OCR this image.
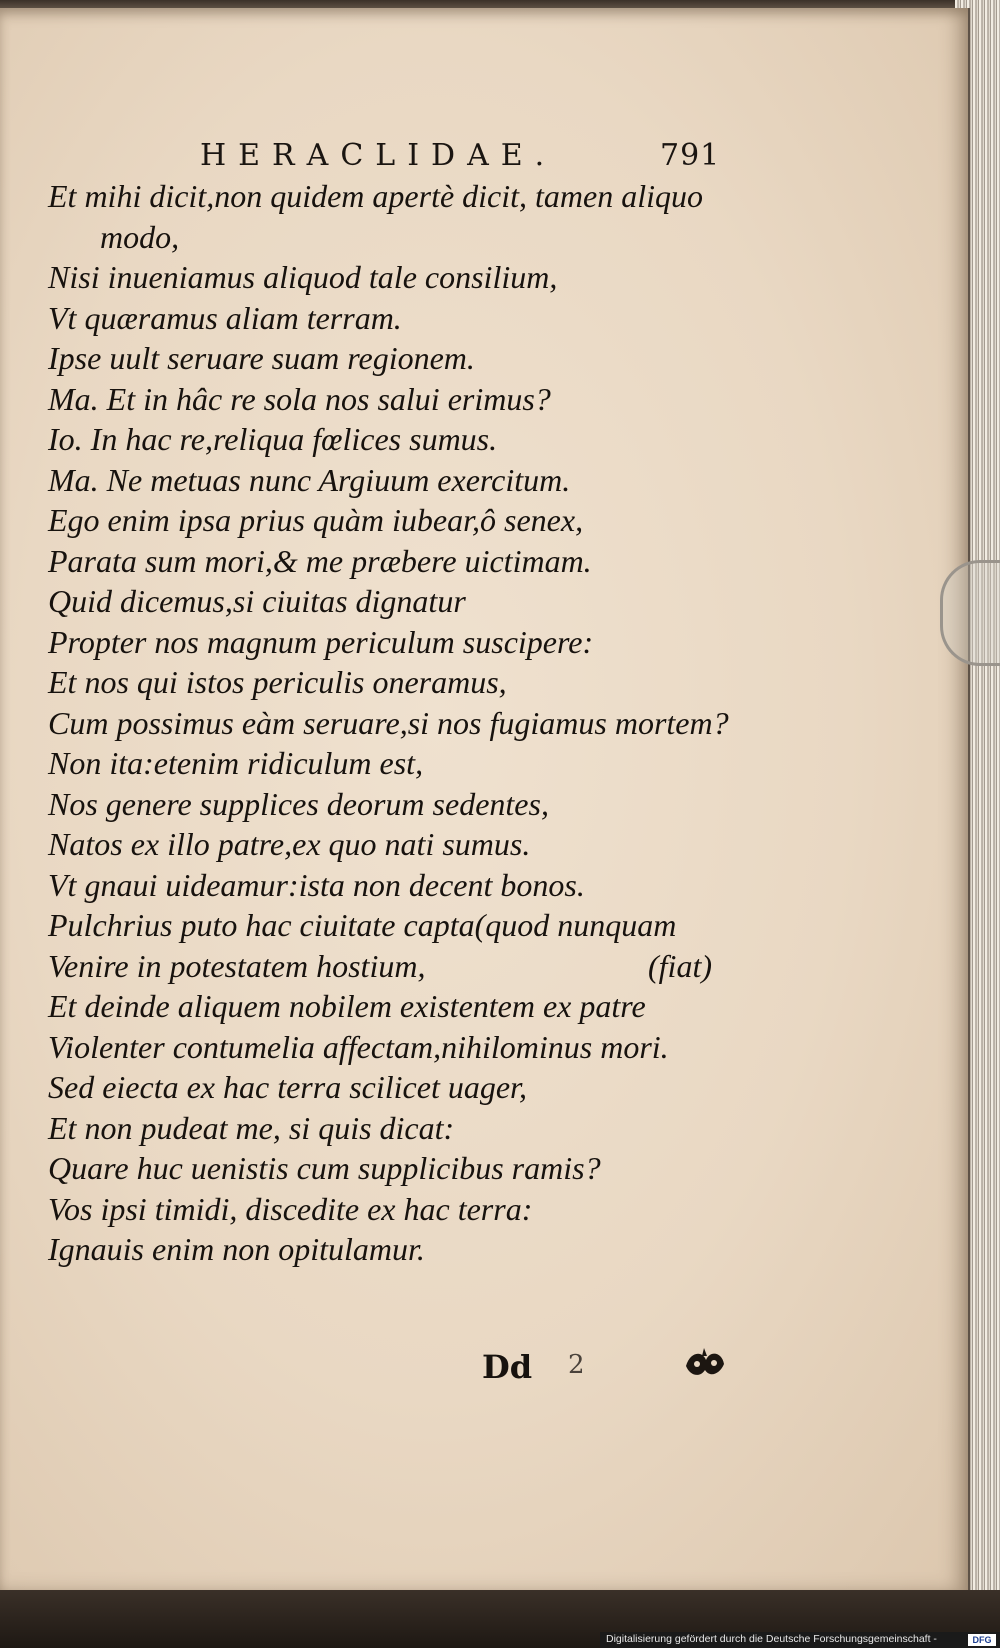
HERACLIDAE.	791
Et mihi dicit,non quidem apertè dicit, tamen aliquo
modo,
Nisi inueniamus aliquod tale consilium,
Vt quæramus aliam terram.
Ipse uult seruare suam regionem.
Ma. Et in hâc re sola nos salui erimus?
Io. In hac re,reliqua fœlices sumus.
Ma. Ne metuas nunc Argiuum exercitum.
Ego enim ipsa prius quàm iubear,ô senex,
Parata sum mori,& me præbere uictimam.
Quid dicemus,si ciuitas dignatur
Propter nos magnum periculum suscipere:
Et nos qui istos periculis oneramus,
Cum possimus eàm seruare,si nos fugiamus mortem?
Non ita:etenim ridiculum est,
Nos genere supplices deorum sedentes,
Natos ex illo patre,ex quo nati sumus.
Vt gnaui uideamur:ista non decent bonos.
Pulchrius puto hac ciuitate capta(quod nunquam
Venire in potestatem hostium,	(fiat)
Et deinde aliquem nobilem existentem ex patre
Violenter contumelia affectam,nihilominus mori.
Sed eiecta ex hac terra scilicet uager,
Et non pudeat me, si quis dicat:
Quare huc uenistis cum supplicibus ramis?
Vos ipsi timidi, discedite ex hac terra:
Ignauis enim non opitulamur.
Dd 2
Digitalisierung gefördert durch die Deutsche Forschungsgemeinschaft -	DFG
